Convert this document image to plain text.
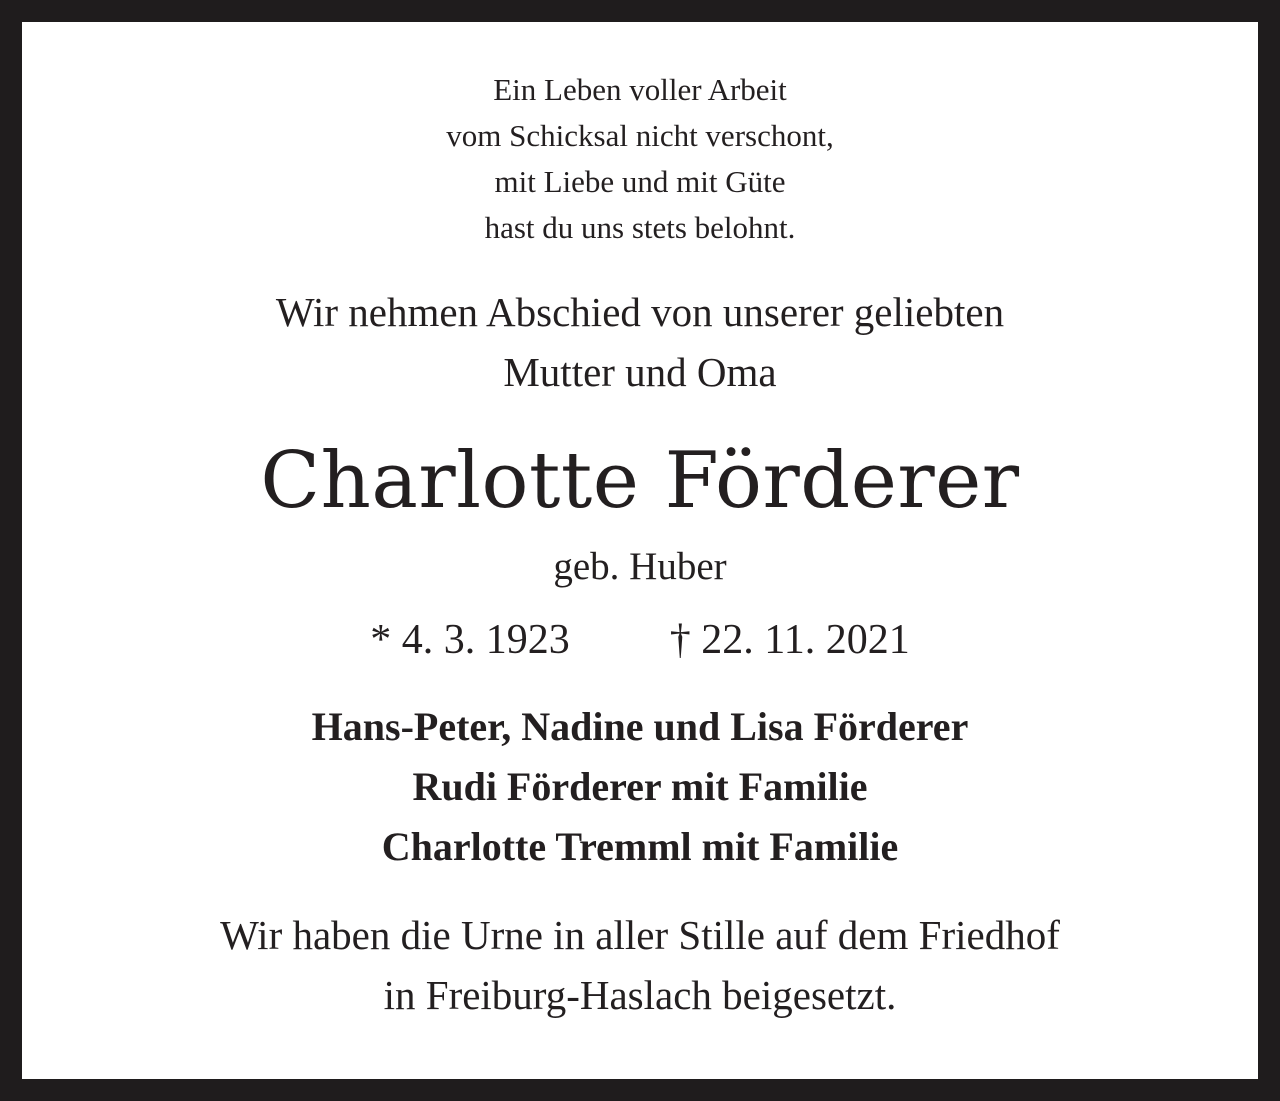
Ein Leben voller Arbeit
vom Schicksal nicht verschont,
mit Liebe und mit Güte
hast du uns stets belohnt.
Wir nehmen Abschied von unserer geliebten
Mutter und Oma
Charlotte Förderer
geb. Huber
* 4. 3. 1923 † 22. 11. 2021
Hans-Peter, Nadine und Lisa Förderer
Rudi Förderer mit Familie
Charlotte Tremml mit Familie
Wir haben die Urne in aller Stille auf dem Friedhof
in Freiburg-Haslach beigesetzt.
